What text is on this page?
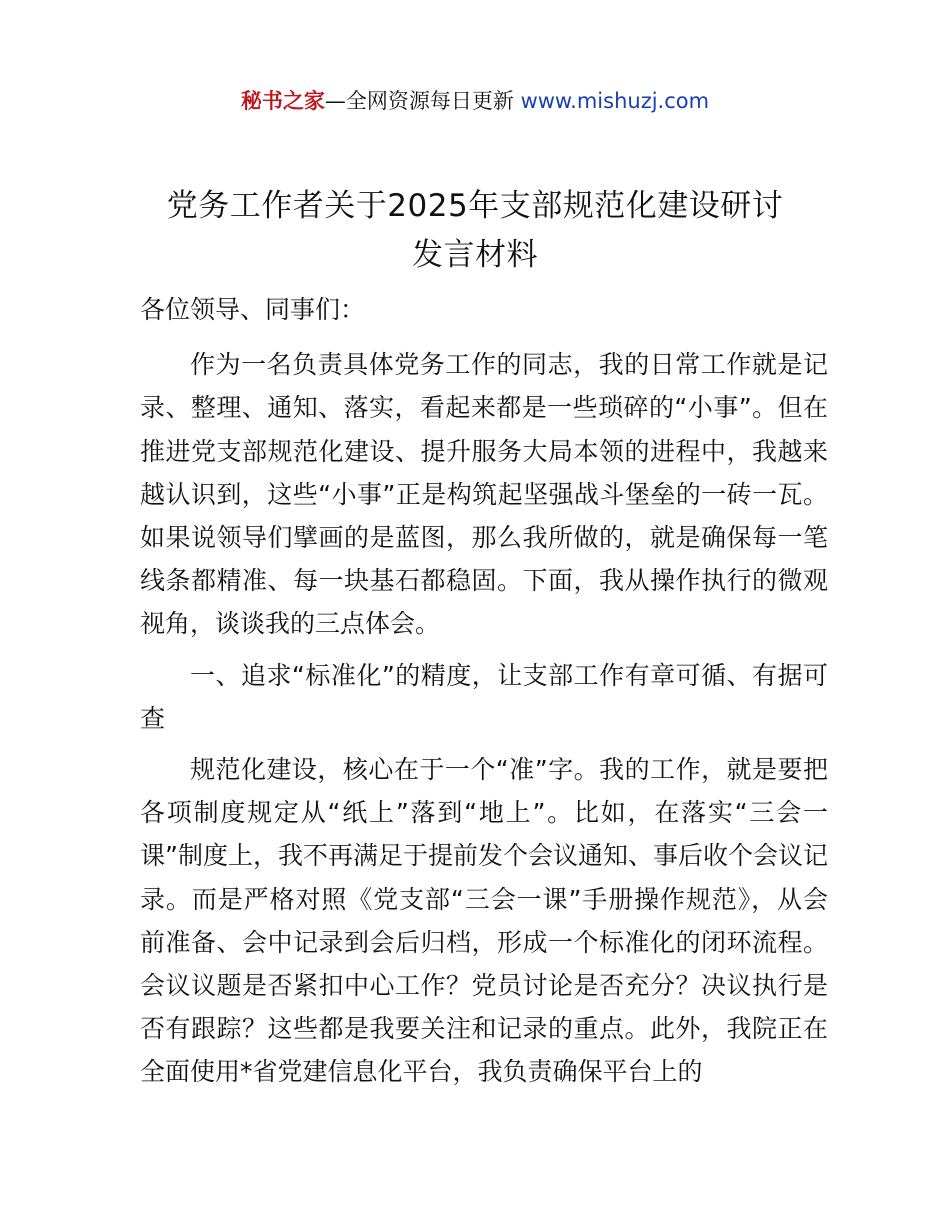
秘书之家—全网资源每日更新 www.mishuzj.com
党务工作者关于2025年支部规范化建设研讨
发言材料

各位领导、同事们：

作为一名负责具体党务工作的同志，我的日常工作就是记录、整理、通知、落实，看起来都是一些琐碎的“小事”。但在推进党支部规范化建设、提升服务大局本领的进程中，我越来越认识到，这些“小事”正是构筑起坚强战斗堡垒的一砖一瓦。如果说领导们擘画的是蓝图，那么我所做的，就是确保每一笔线条都精准、每一块基石都稳固。下面，我从操作执行的微观视角，谈谈我的三点体会。

一、追求“标准化”的精度，让支部工作有章可循、有据可查

规范化建设，核心在于一个“准”字。我的工作，就是要把各项制度规定从“纸上”落到“地上”。比如，在落实“三会一课”制度上，我不再满足于提前发个会议通知、事后收个会议记录。而是严格对照《党支部“三会一课”手册操作规范》，从会前准备、会中记录到会后归档，形成一个标准化的闭环流程。会议议题是否紧扣中心工作？党员讨论是否充分？决议执行是否有跟踪？这些都是我要关注和记录的重点。此外，我院正在全面使用*省党建信息化平台，我负责确保平台上的
